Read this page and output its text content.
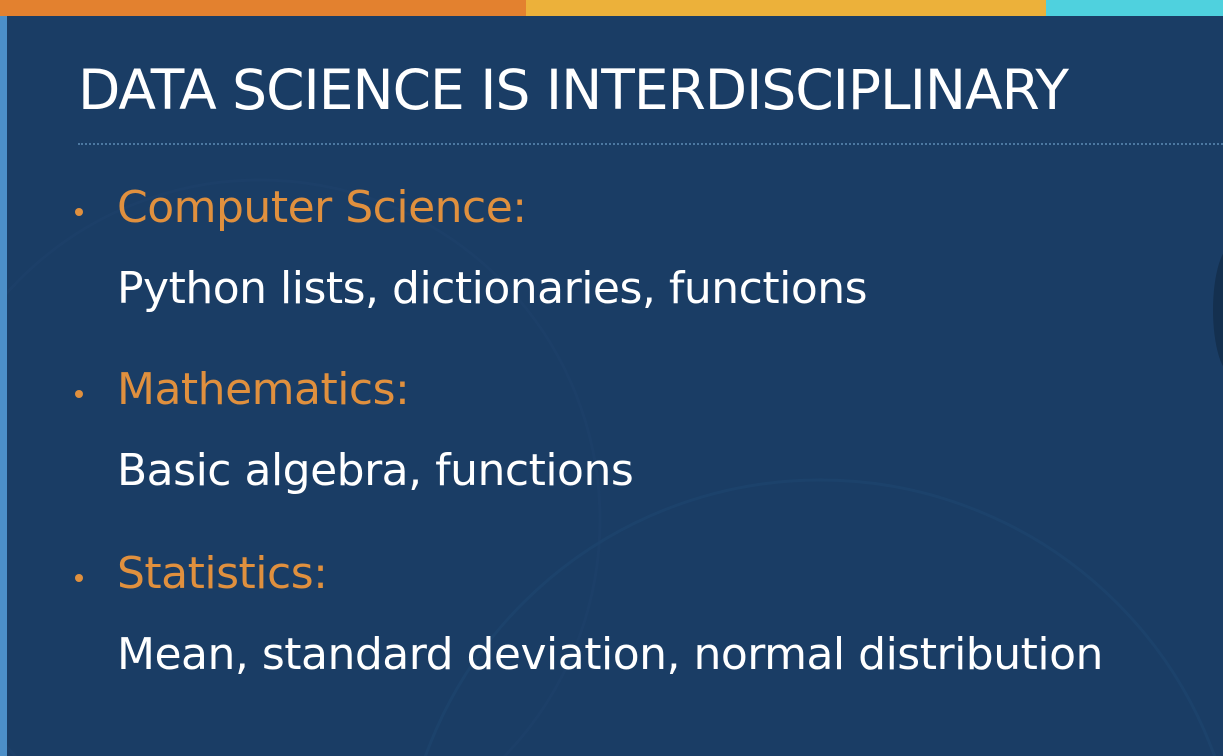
DATA SCIENCE IS INTERDISCIPLINARY
Computer Science:
Python lists, dictionaries, functions
Mathematics:
Basic algebra, functions
Statistics:
Mean, standard deviation, normal distribution
